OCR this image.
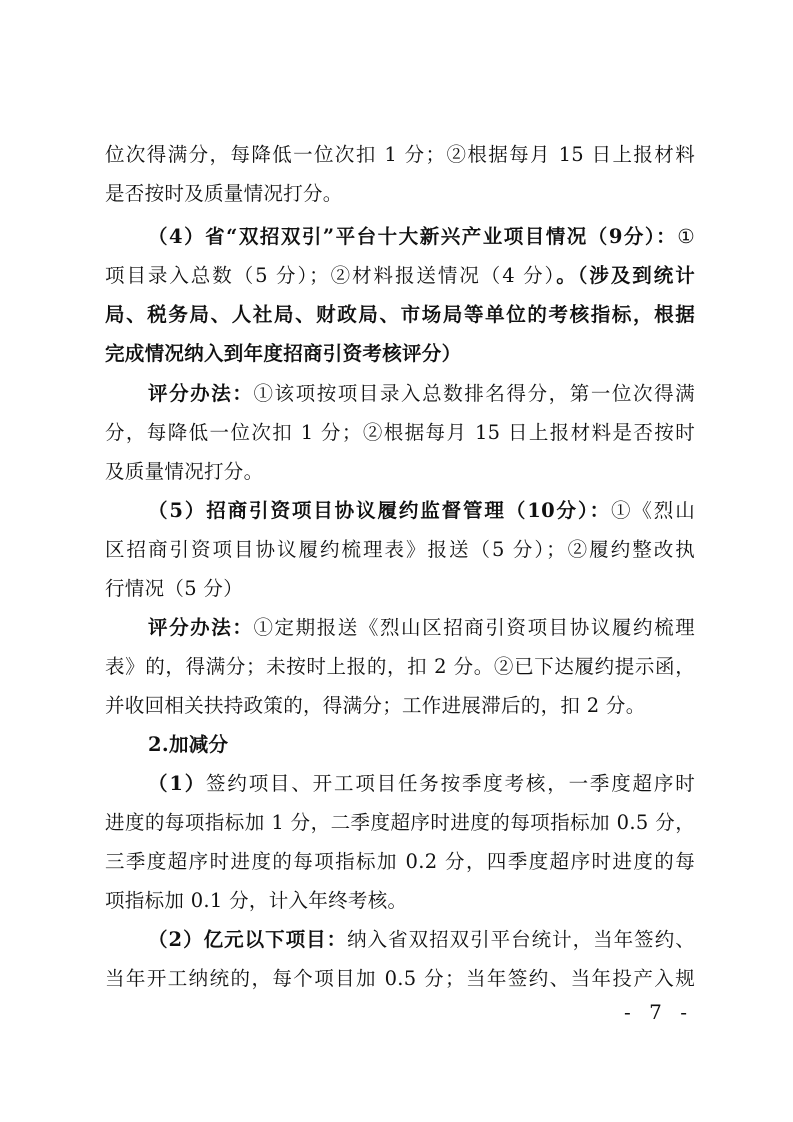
位次得满分，每降低一位次扣 1 分；②根据每月 15 日上报材料
是否按时及质量情况打分。
（4）省“双招双引”平台十大新兴产业项目情况（9分）：①
项目录入总数（5 分）；②材料报送情况（4 分）。（涉及到统计
局、税务局、人社局、财政局、市场局等单位的考核指标，根据
完成情况纳入到年度招商引资考核评分）
评分办法：①该项按项目录入总数排名得分，第一位次得满
分，每降低一位次扣 1 分；②根据每月 15 日上报材料是否按时
及质量情况打分。
（5）招商引资项目协议履约监督管理（10分）：①《烈山
区招商引资项目协议履约梳理表》报送（5 分）；②履约整改执
行情况（5 分）
评分办法：①定期报送《烈山区招商引资项目协议履约梳理
表》的，得满分；未按时上报的，扣 2 分。②已下达履约提示函，
并收回相关扶持政策的，得满分；工作进展滞后的，扣 2 分。
2.加减分
（1）签约项目、开工项目任务按季度考核，一季度超序时
进度的每项指标加 1 分，二季度超序时进度的每项指标加 0.5 分，
三季度超序时进度的每项指标加 0.2 分，四季度超序时进度的每
项指标加 0.1 分，计入年终考核。
（2）亿元以下项目：纳入省双招双引平台统计，当年签约、
当年开工纳统的，每个项目加 0.5 分；当年签约、当年投产入规
- 7 -
